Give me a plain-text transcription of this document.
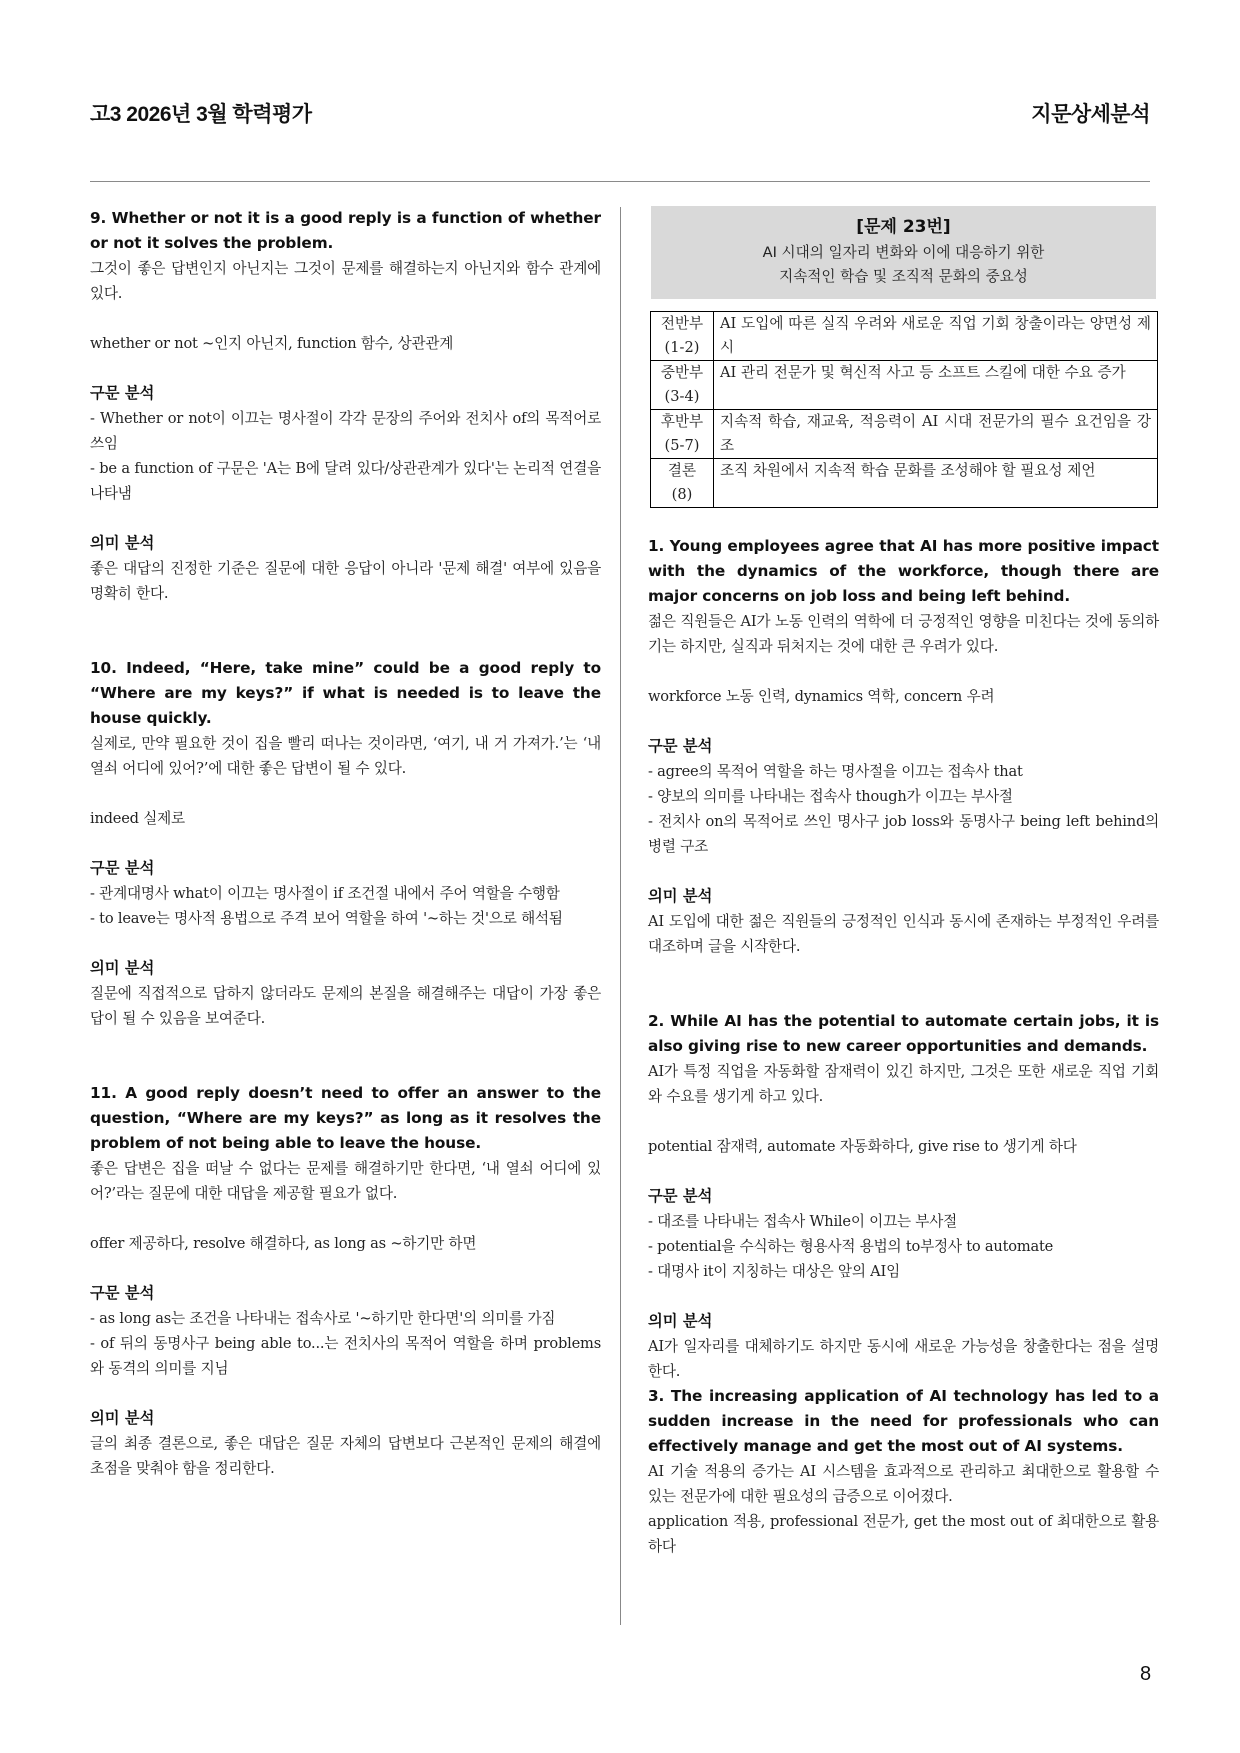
고3 2026년 3월 학력평가	지문상세분석

9. Whether or not it is a good reply is a function of whether or not it solves the problem.

그것이 좋은 답변인지 아닌지는 그것이 문제를 해결하는지 아닌지와 함수 관계에 있다.

whether or not ~인지 아닌지, function 함수, 상관관계

구문 분석

- Whether or not이 이끄는 명사절이 각각 문장의 주어와 전치사 of의 목적어로 쓰임

- be a function of 구문은 'A는 B에 달려 있다/상관관계가 있다'는 논리적 연결을 나타냄

의미 분석

좋은 대답의 진정한 기준은 질문에 대한 응답이 아니라 '문제 해결' 여부에 있음을 명확히 한다.

10. Indeed, “Here, take mine” could be a good reply to “Where are my keys?” if what is needed is to leave the house quickly.

실제로, 만약 필요한 것이 집을 빨리 떠나는 것이라면, ‘여기, 내 거 가져가.’는 ‘내 열쇠 어디에 있어?’에 대한 좋은 답변이 될 수 있다.

indeed 실제로

구문 분석

- 관계대명사 what이 이끄는 명사절이 if 조건절 내에서 주어 역할을 수행함

- to leave는 명사적 용법으로 주격 보어 역할을 하여 '~하는 것'으로 해석됨

의미 분석

질문에 직접적으로 답하지 않더라도 문제의 본질을 해결해주는 대답이 가장 좋은 답이 될 수 있음을 보여준다.

11. A good reply doesn’t need to offer an answer to the question, “Where are my keys?” as long as it resolves the problem of not being able to leave the house.

좋은 답변은 집을 떠날 수 없다는 문제를 해결하기만 한다면, ‘내 열쇠 어디에 있어?’라는 질문에 대한 대답을 제공할 필요가 없다.

offer 제공하다, resolve 해결하다, as long as ~하기만 하면

구문 분석

- as long as는 조건을 나타내는 접속사로 '~하기만 한다면'의 의미를 가짐

- of 뒤의 동명사구 being able to...는 전치사의 목적어 역할을 하며 problems와 동격의 의미를 지님

의미 분석

글의 최종 결론으로, 좋은 대답은 질문 자체의 답변보다 근본적인 문제의 해결에 초점을 맞춰야 함을 정리한다.

[문제 23번]
AI 시대의 일자리 변화와 이에 대응하기 위한
지속적인 학습 및 조직적 문화의 중요성
전반부
(1-2)	AI 도입에 따른 실직 우려와 새로운 직업 기회 창출이라는 양면성 제시

중반부
(3-4)	AI 관리 전문가 및 혁신적 사고 등 소프트 스킬에 대한 수요 증가

후반부
(5-7)	지속적 학습, 재교육, 적응력이 AI 시대 전문가의 필수 요건임을 강조

결론
(8)	조직 차원에서 지속적 학습 문화를 조성해야 할 필요성 제언

1. Young employees agree that AI has more positive impact with the dynamics of the workforce, though there are major concerns on job loss and being left behind.

젊은 직원들은 AI가 노동 인력의 역학에 더 긍정적인 영향을 미친다는 것에 동의하기는 하지만, 실직과 뒤처지는 것에 대한 큰 우려가 있다.

workforce 노동 인력, dynamics 역학, concern 우려

구문 분석

- agree의 목적어 역할을 하는 명사절을 이끄는 접속사 that

- 양보의 의미를 나타내는 접속사 though가 이끄는 부사절

- 전치사 on의 목적어로 쓰인 명사구 job loss와 동명사구 being left behind의 병렬 구조

의미 분석

AI 도입에 대한 젊은 직원들의 긍정적인 인식과 동시에 존재하는 부정적인 우려를 대조하며 글을 시작한다.

2. While AI has the potential to automate certain jobs, it is also giving rise to new career opportunities and demands.

AI가 특정 직업을 자동화할 잠재력이 있긴 하지만, 그것은 또한 새로운 직업 기회와 수요를 생기게 하고 있다.

potential 잠재력, automate 자동화하다, give rise to 생기게 하다

구문 분석

- 대조를 나타내는 접속사 While이 이끄는 부사절

- potential을 수식하는 형용사적 용법의 to부정사 to automate

- 대명사 it이 지칭하는 대상은 앞의 AI임

의미 분석

AI가 일자리를 대체하기도 하지만 동시에 새로운 가능성을 창출한다는 점을 설명한다.

3. The increasing application of AI technology has led to a sudden increase in the need for professionals who can effectively manage and get the most out of AI systems.

AI 기술 적용의 증가는 AI 시스템을 효과적으로 관리하고 최대한으로 활용할 수 있는 전문가에 대한 필요성의 급증으로 이어졌다.

application 적용, professional 전문가, get the most out of 최대한으로 활용하다

8
